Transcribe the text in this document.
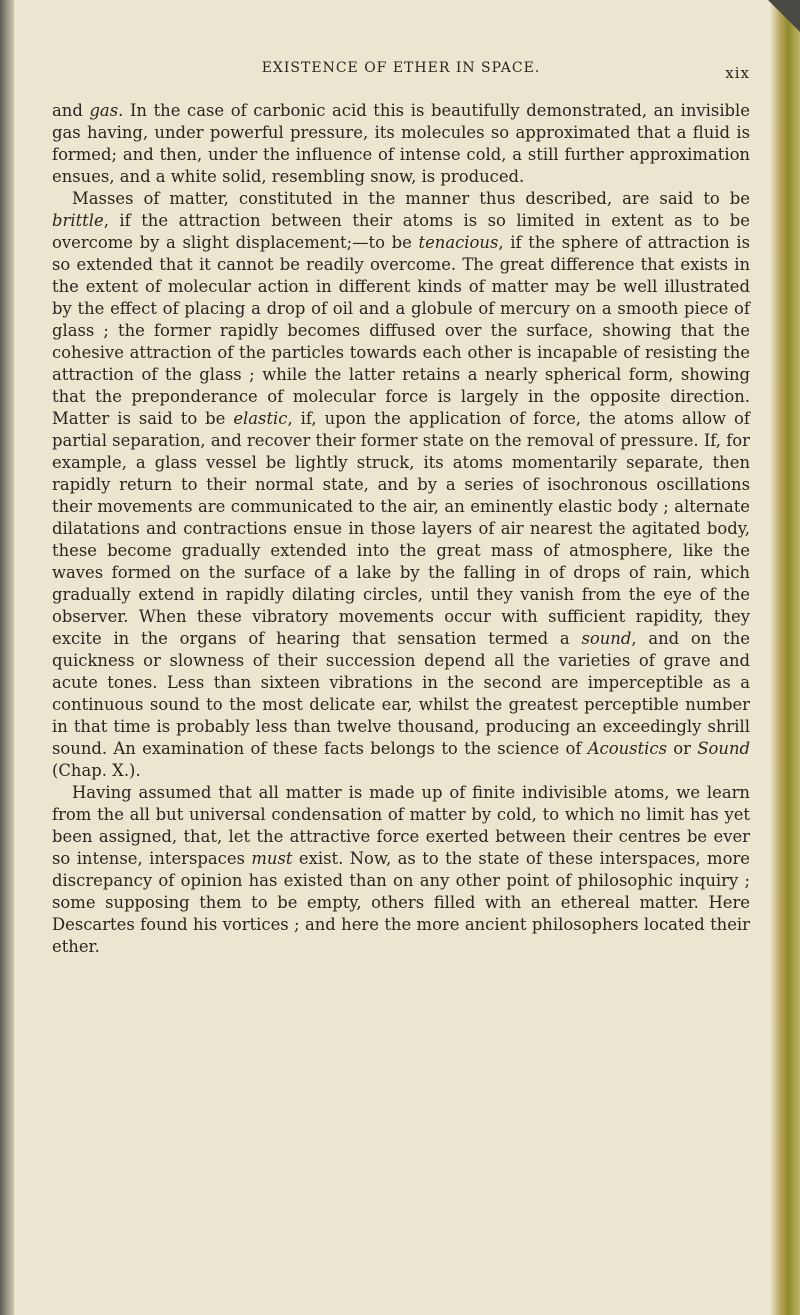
EXISTENCE OF ETHER IN SPACE.	xix

and gas. In the case of carbonic acid this is beautifully demonstrated, an invisible gas having, under powerful pressure, its molecules so approximated that a fluid is formed; and then, under the influence of intense cold, a still further approximation ensues, and a white solid, resembling snow, is produced.

Masses of matter, constituted in the manner thus described, are said to be brittle, if the attraction between their atoms is so limited in extent as to be overcome by a slight displacement;—to be tenacious, if the sphere of attraction is so extended that it cannot be readily overcome. The great difference that exists in the extent of molecular action in different kinds of matter may be well illustrated by the effect of placing a drop of oil and a globule of mercury on a smooth piece of glass ; the former rapidly becomes diffused over the surface, showing that the cohesive attraction of the particles towards each other is incapable of resisting the attraction of the glass ; while the latter retains a nearly spherical form, showing that the preponderance of molecular force is largely in the opposite direction. Matter is said to be elastic, if, upon the application of force, the atoms allow of partial separation, and recover their former state on the removal of pressure. If, for example, a glass vessel be lightly struck, its atoms momentarily separate, then rapidly return to their normal state, and by a series of isochronous oscillations their movements are communicated to the air, an eminently elastic body ; alternate dilatations and contractions ensue in those layers of air nearest the agitated body, these become gradually extended into the great mass of atmosphere, like the waves formed on the surface of a lake by the falling in of drops of rain, which gradually extend in rapidly dilating circles, until they vanish from the eye of the observer. When these vibratory movements occur with sufficient rapidity, they excite in the organs of hearing that sensation termed a sound, and on the quickness or slowness of their succession depend all the varieties of grave and acute tones. Less than sixteen vibrations in the second are imperceptible as a continuous sound to the most delicate ear, whilst the greatest perceptible number in that time is probably less than twelve thousand, producing an exceedingly shrill sound. An examination of these facts belongs to the science of Acoustics or Sound (Chap. X.).

Having assumed that all matter is made up of finite indivisible atoms, we learn from the all but universal condensation of matter by cold, to which no limit has yet been assigned, that, let the attractive force exerted between their centres be ever so intense, interspaces must exist. Now, as to the state of these interspaces, more discrepancy of opinion has existed than on any other point of philosophic inquiry ; some supposing them to be empty, others filled with an ethereal matter. Here Descartes found his vortices ; and here the more ancient philosophers located their ether.
